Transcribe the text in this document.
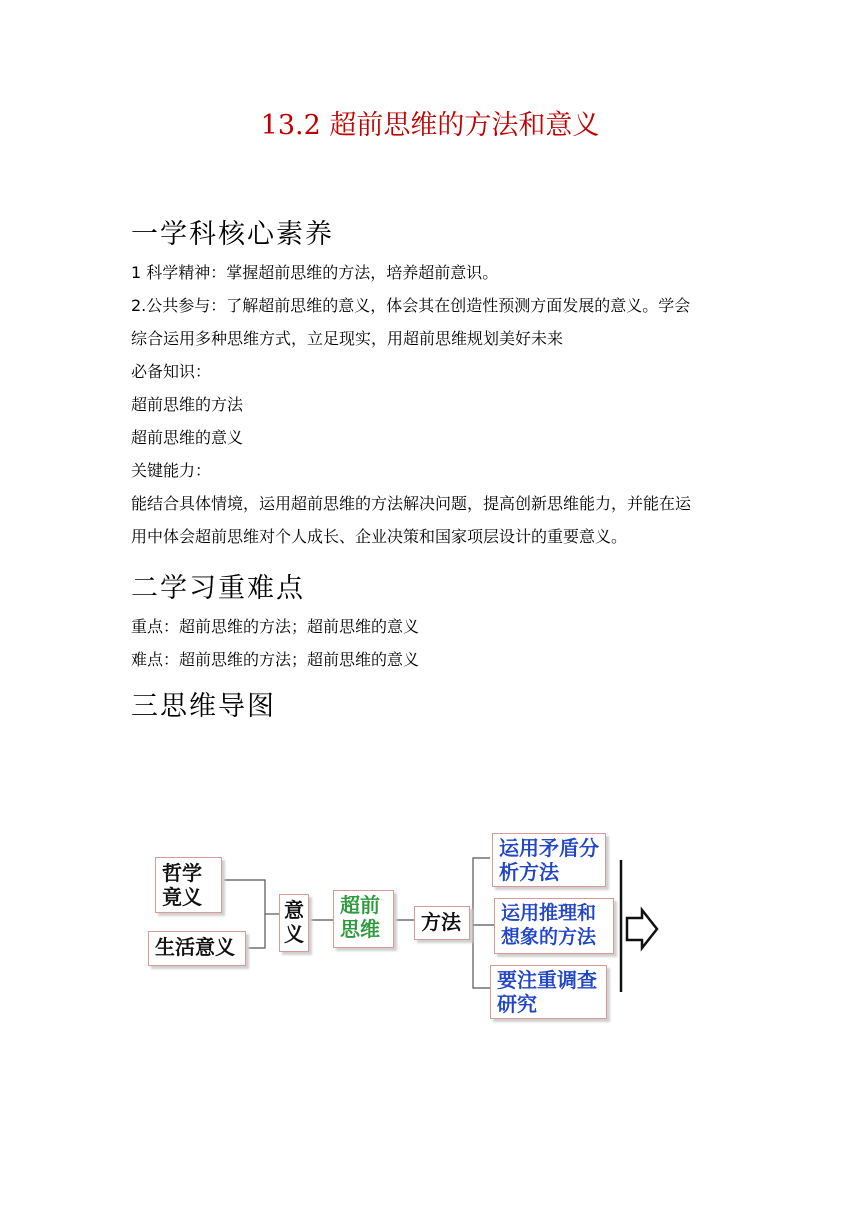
13.2 超前思维的方法和意义
一学科核心素养
1 科学精神：掌握超前思维的方法，培养超前意识。
2.公共参与：了解超前思维的意义，体会其在创造性预测方面发展的意义。学会
综合运用多种思维方式，立足现实，用超前思维规划美好未来
必备知识：
超前思维的方法
超前思维的意义
关键能力：
能结合具体情境，运用超前思维的方法解决问题，提高创新思维能力，并能在运
用中体会超前思维对个人成长、企业决策和国家项层设计的重要意义。
二学习重难点
重点：超前思维的方法；超前思维的意义
难点：超前思维的方法；超前思维的意义
三思维导图
哲学竟义
生活意义
意义
超前思维	方法
运用矛盾分析方法
运用推理和想象的方法
要注重调查研究
